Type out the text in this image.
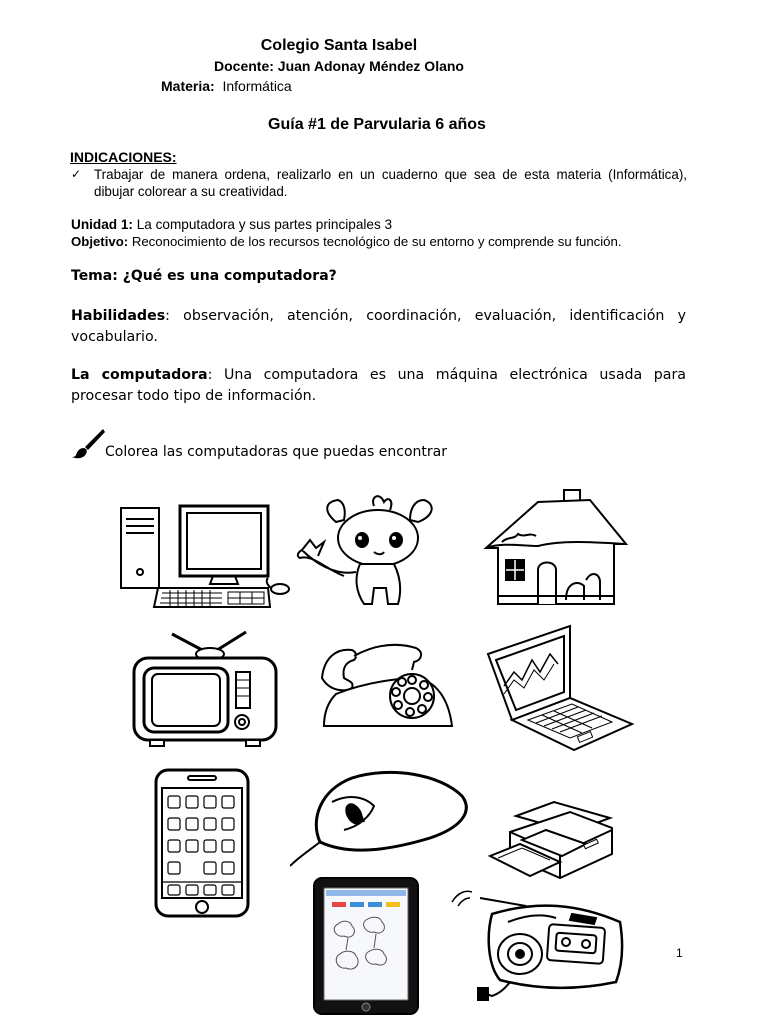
Colegio Santa Isabel
Docente: Juan Adonay Méndez Olano
Materia: Informática
Guía #1 de Parvularia 6 años
INDICACIONES:
✓ Trabajar de manera ordena, realizarlo en un cuaderno que sea de esta materia (Informática), dibujar colorear a su creatividad.
Unidad 1: La computadora y sus partes principales 3
Objetivo: Reconocimiento de los recursos tecnológico de su entorno y comprende su función.
Tema: ¿Qué es una computadora?
Habilidades: observación, atención, coordinación, evaluación, identificación y vocabulario.
La computadora: Una computadora es una máquina electrónica usada para procesar todo tipo de información.
Colorea las computadoras que puedas encontrar
1
